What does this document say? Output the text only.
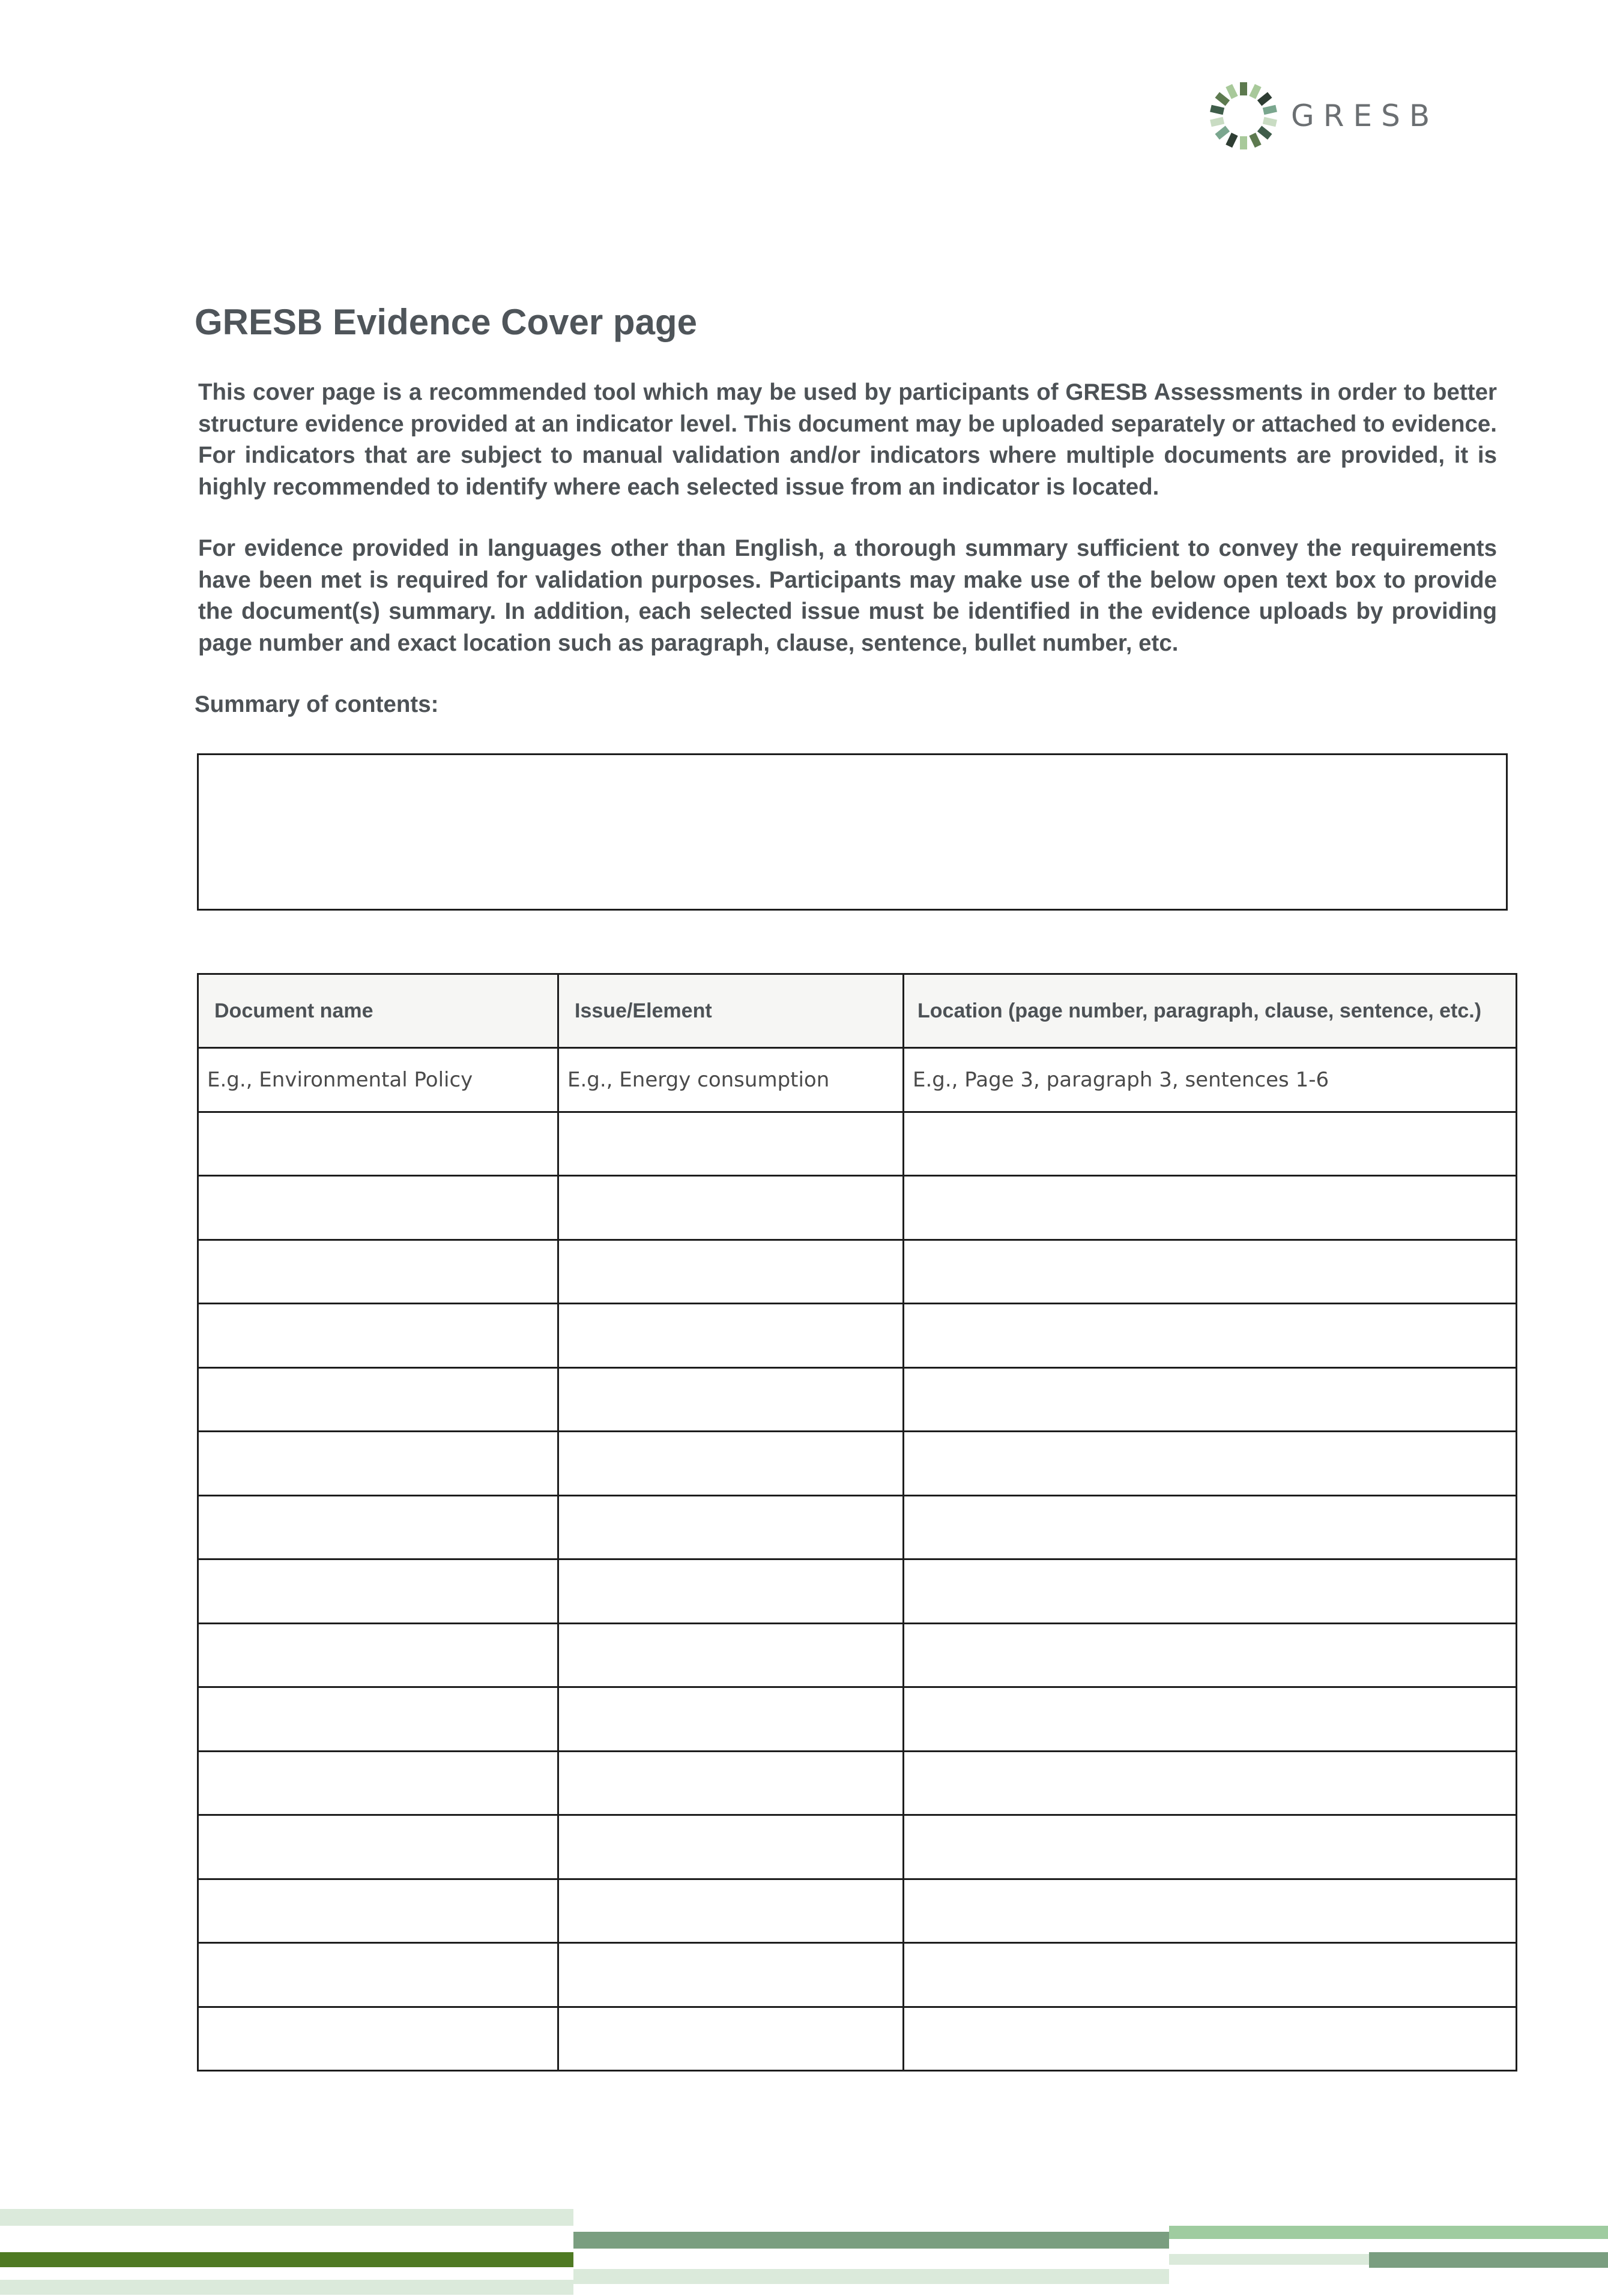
GRESB
GRESB Evidence Cover page

This cover page is a recommended tool which may be used by participants of GRESB Assessments in order to better structure evidence provided at an indicator level. This document may be uploaded separately or attached to evidence. For indicators that are subject to manual validation and/or indicators where multiple documents are provided, it is highly recommended to identify where each selected issue from an indicator is located.

For evidence provided in languages other than English, a thorough summary sufficient to convey the requirements have been met is required for validation purposes. Participants may make use of the below open text box to provide the document(s) summary. In addition, each selected issue must be identified in the evidence uploads by providing page number and exact location such as paragraph, clause, sentence, bullet number, etc.

Summary of contents:

Document name	Issue/Element	Location (page number, paragraph, clause, sentence, etc.)
E.g., Environmental Policy	E.g., Energy consumption	E.g., Page 3, paragraph 3, sentences 1-6
